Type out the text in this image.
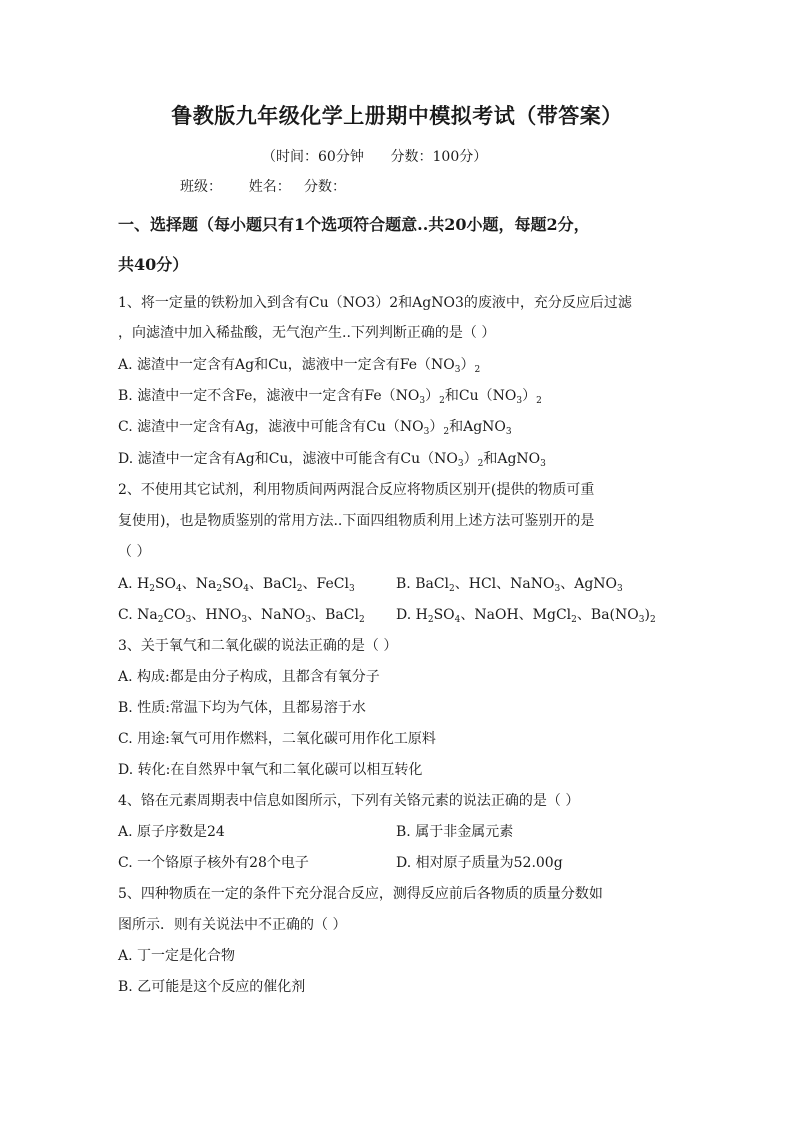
鲁教版九年级化学上册期中模拟考试（带答案）
（时间：60分钟      分数：100分）
班级：      姓名：   分数：
一、选择题（每小题只有1个选项符合题意..共20小题，每题2分，
共40分）
1、将一定量的铁粉加入到含有Cu（NO3）2和AgNO3的废液中，充分反应后过滤
，向滤渣中加入稀盐酸，无气泡产生..下列判断正确的是（ ）
A. 滤渣中一定含有Ag和Cu，滤液中一定含有$Fe(NO_3)_2$
B. 滤渣中一定不含Fe，滤液中一定含有$Fe(NO_3)_2$和$Cu(NO_3)_2$
C. 滤渣中一定含有Ag，滤液中可能含有$Cu(NO_3)_2$和AgNO$_3$
D. 滤渣中一定含有Ag和Cu，滤液中可能含有$Cu(NO_3)_2$和AgNO$_3$
2、不使用其它试剂，利用物质间两两混合反应将物质区别开(提供的物质可重
复使用)，也是物质鉴别的常用方法..下面四组物质利用上述方法可鉴别开的是
（ ）
A. $H_2SO_4$、$Na_2SO_4$、BaCl$_2$、FeCl$_3$	B. BaCl$_2$、HCl、NaNO$_3$、AgNO$_3$
C. $Na_2CO_3$、$HNO_3$、NaNO$_3$、BaCl$_2$ D. $H_2SO_4$、NaOH、MgCl$_2$、$Ba(NO_3)_2$
3、关于氧气和二氧化碳的说法正确的是（ ）
A. 构成:都是由分子构成，且都含有氧分子
B. 性质:常温下均为气体，且都易溶于水
C. 用途:氧气可用作燃料，二氧化碳可用作化工原料
D. 转化:在自然界中氧气和二氧化碳可以相互转化
4、铬在元素周期表中信息如图所示，下列有关铬元素的说法正确的是（ ）
A. 原子序数是24	B. 属于非金属元素
C. 一个铬原子核外有28个电子	D. 相对原子质量为52.00g
5、四种物质在一定的条件下充分混合反应，测得反应前后各物质的质量分数如
图所示．则有关说法中不正确的（ ）
A. 丁一定是化合物
B. 乙可能是这个反应的催化剂
